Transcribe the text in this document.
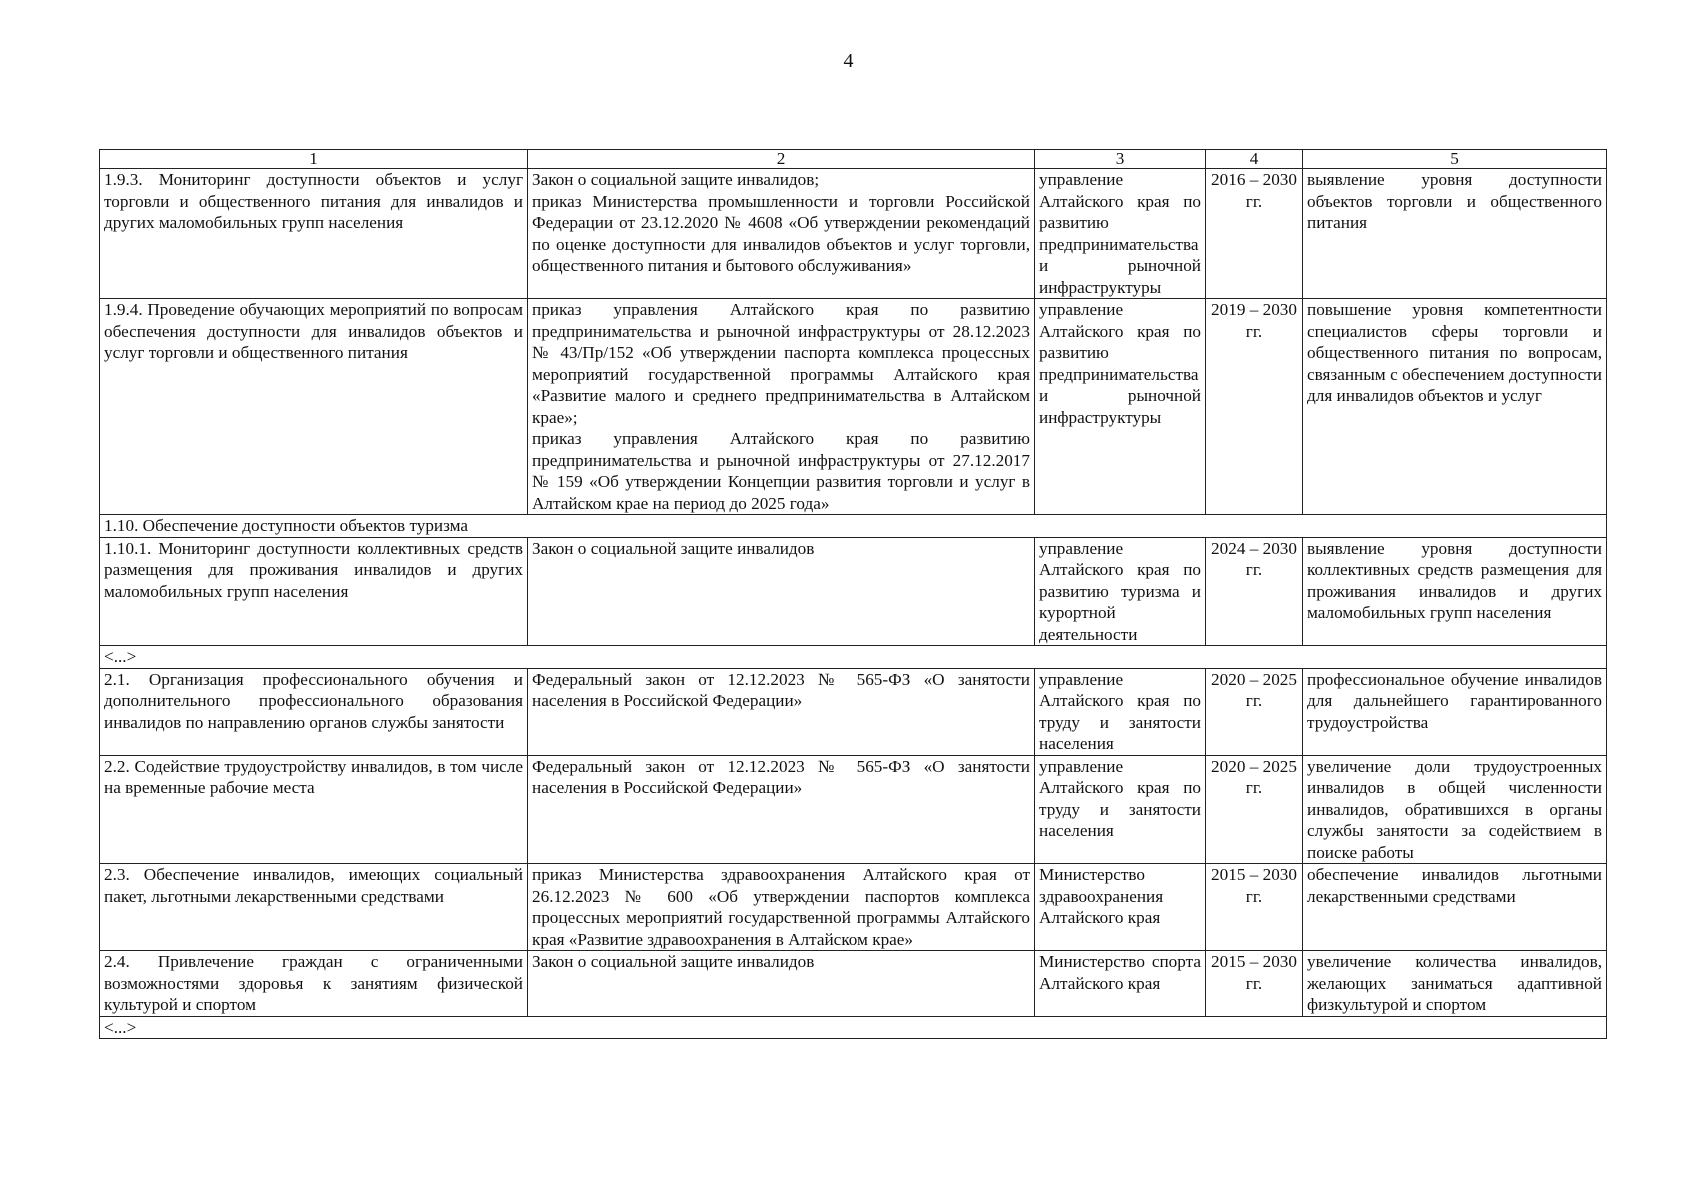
4
1	2	3	4	5
1.9.3. Мониторинг доступности объектов и услуг торговли и общественного питания для инвалидов и других маломобильных групп населения	Закон о социальной защите инвалидов;
приказ Министерства промышленности и торговли Российской Федерации от 23.12.2020 № 4608 «Об утверждении рекомендаций по оценке доступности для инвалидов объектов и услуг торговли, общественного питания и бытового обслуживания»	управление Алтайского края по развитию предпринимательства и рыночной инфраструктуры	2016 – 2030 гг.	выявление уровня доступности объектов торговли и общественного питания
1.9.4. Проведение обучающих мероприятий по вопросам обеспечения доступности для инвалидов объектов и услуг торговли и общественного питания	приказ управления Алтайского края по развитию предпринимательства и рыночной инфраструктуры от 28.12.2023 № 43/Пр/152 «Об утверждении паспорта комплекса процессных мероприятий государственной программы Алтайского края «Развитие малого и среднего предпринимательства в Алтайском крае»;
приказ управления Алтайского края по развитию предпринимательства и рыночной инфраструктуры от 27.12.2017 № 159 «Об утверждении Концепции развития торговли и услуг в Алтайском крае на период до 2025 года»	управление Алтайского края по развитию предпринимательства и рыночной инфраструктуры	2019 – 2030 гг.	повышение уровня компетентности специалистов сферы торговли и общественного питания по вопросам, связанным с обеспечением доступности для инвалидов объектов и услуг
1.10. Обеспечение доступности объектов туризма				
1.10.1. Мониторинг доступности коллективных средств размещения для проживания инвалидов и других маломобильных групп населения	Закон о социальной защите инвалидов	управление Алтайского края по развитию туризма и курортной деятельности	2024 – 2030 гг.	выявление уровня доступности коллективных средств размещения для проживания инвалидов и других маломобильных групп населения
<...>				
2.1. Организация профессионального обучения и дополнительного профессионального образования инвалидов по направлению органов службы занятости	Федеральный закон от 12.12.2023 № 565-ФЗ «О занятости населения в Российской Федерации»	управление Алтайского края по труду и занятости населения	2020 – 2025 гг.	профессиональное обучение инвалидов для дальнейшего гарантированного трудоустройства
2.2. Содействие трудоустройству инвалидов, в том числе на временные рабочие места	Федеральный закон от 12.12.2023 № 565-ФЗ «О занятости населения в Российской Федерации»	управление Алтайского края по труду и занятости населения	2020 – 2025 гг.	увеличение доли трудоустроенных инвалидов в общей численности инвалидов, обратившихся в органы службы занятости за содействием в поиске работы
2.3. Обеспечение инвалидов, имеющих социальный пакет, льготными лекарственными средствами	приказ Министерства здравоохранения Алтайского края от 26.12.2023 № 600 «Об утверждении паспортов комплекса процессных мероприятий государственной программы Алтайского края «Развитие здравоохранения в Алтайском крае»	Министерство здравоохранения Алтайского края	2015 – 2030 гг.	обеспечение инвалидов льготными лекарственными средствами
2.4. Привлечение граждан с ограниченными возможностями здоровья к занятиям физической культурой и спортом	Закон о социальной защите инвалидов	Министерство спорта Алтайского края	2015 – 2030 гг.	увеличение количества инвалидов, желающих заниматься адаптивной физкультурой и спортом
<...>				
